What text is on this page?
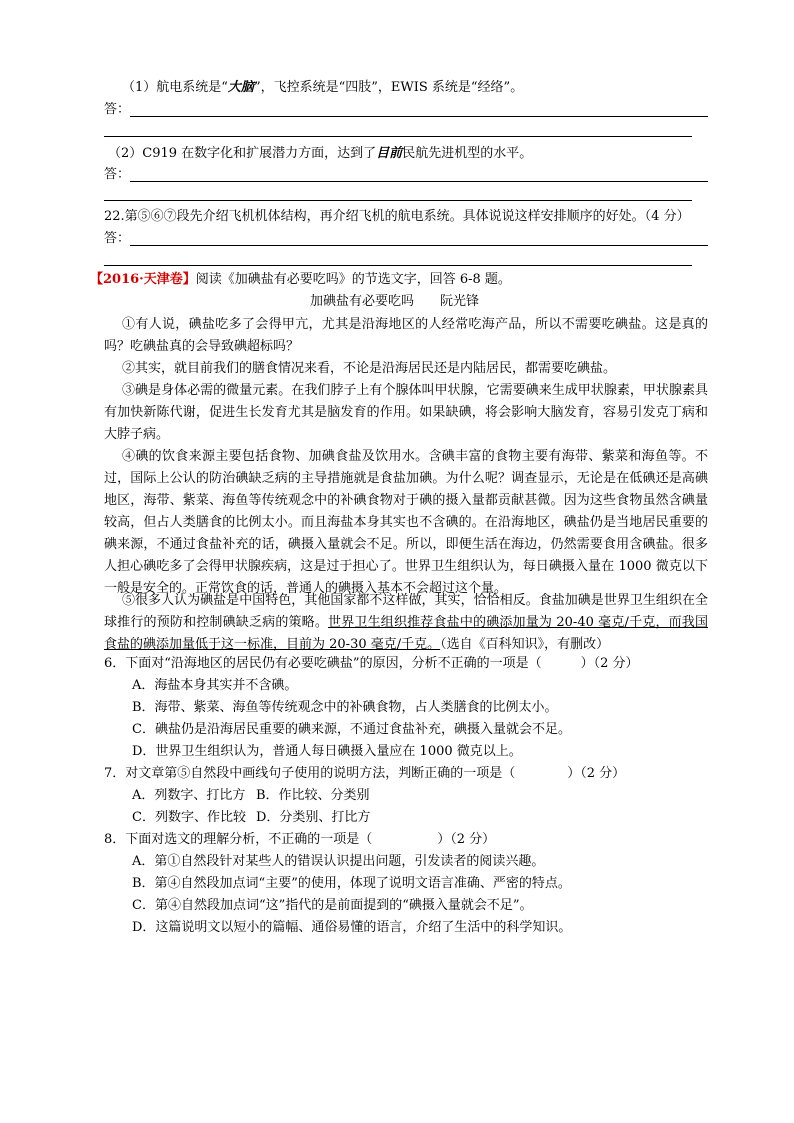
（1）航电系统是“大脑”，飞控系统是“四肢”，EWIS 系统是“经络”。
答：
（2）C919 在数字化和扩展潜力方面，达到了目前民航先进机型的水平。
答：
22.第⑤⑥⑦段先介绍飞机机体结构，再介绍飞机的航电系统。具体说说这样安排顺序的好处。（4 分）
答：
【2016·天津卷】阅读《加碘盐有必要吃吗》的节选文字，回答 6-8 题。
加碘盐有必要吃吗　　 阮光锋
①有人说，碘盐吃多了会得甲亢，尤其是沿海地区的人经常吃海产品，所以不需要吃碘盐。这是真的吗？吃碘盐真的会导致碘超标吗？
②其实，就目前我们的膳食情况来看，不论是沿海居民还是内陆居民，都需要吃碘盐。
③碘是身体必需的微量元素。在我们脖子上有个腺体叫甲状腺，它需要碘来生成甲状腺素，甲状腺素具有加快新陈代谢，促进生长发育尤其是脑发育的作用。如果缺碘，将会影响大脑发育，容易引发克丁病和大脖子病。
④碘的饮食来源主要包括食物、加碘食盐及饮用水。含碘丰富的食物主要有海带、紫菜和海鱼等。不过，国际上公认的防治碘缺乏病的主导措施就是食盐加碘。为什么呢？调查显示，无论是在低碘还是高碘地区，海带、紫菜、海鱼等传统观念中的补碘食物对于碘的摄入量都贡献甚微。因为这些食物虽然含碘量较高，但占人类膳食的比例太小。而且海盐本身其实也不含碘的。在沿海地区，碘盐仍是当地居民重要的碘来源，不通过食盐补充的话，碘摄入量就会不足。所以，即便生活在海边，仍然需要食用含碘盐。很多人担心碘吃多了会得甲状腺疾病，这是过于担心了。世界卫生组织认为，每日碘摄入量在 1000 微克以下一般是安全的。正常饮食的话，普通人的碘摄入基本不会超过这个量。
⑤很多人认为碘盐是中国特色，其他国家都不这样做，其实，恰恰相反。食盐加碘是世界卫生组织在全球推行的预防和控制碘缺乏病的策略。世界卫生组织推荐食盐中的碘添加量为 20-40 毫克/千克，而我国食盐的碘添加量低于这一标准，目前为 20-30 毫克/千克。（选自《百科知识》，有删改）
6．下面对“沿海地区的居民仍有必要吃碘盐”的原因，分析不正确的一项是（　　　）（2 分）
A．海盐本身其实并不含碘。
B．海带、紫菜、海鱼等传统观念中的补碘食物，占人类膳食的比例太小。
C．碘盐仍是沿海居民重要的碘来源，不通过食盐补充，碘摄入量就会不足。
D．世界卫生组织认为，普通人每日碘摄入量应在 1000 微克以上。
7．对文章第⑤自然段中画线句子使用的说明方法，判断正确的一项是（　　　　）（2 分）
A．列数字、打比方 B．作比较、分类别
C．列数字、作比较 D．分类别、打比方
8．下面对选文的理解分析，不正确的一项是（　　　　　）（2 分）
A．第①自然段针对某些人的错误认识提出问题，引发读者的阅读兴趣。
B．第④自然段加点词“主要”的使用，体现了说明文语言准确、严密的特点。
C．第④自然段加点词“这”指代的是前面提到的“碘摄入量就会不足”。
D．这篇说明文以短小的篇幅、通俗易懂的语言，介绍了生活中的科学知识。
